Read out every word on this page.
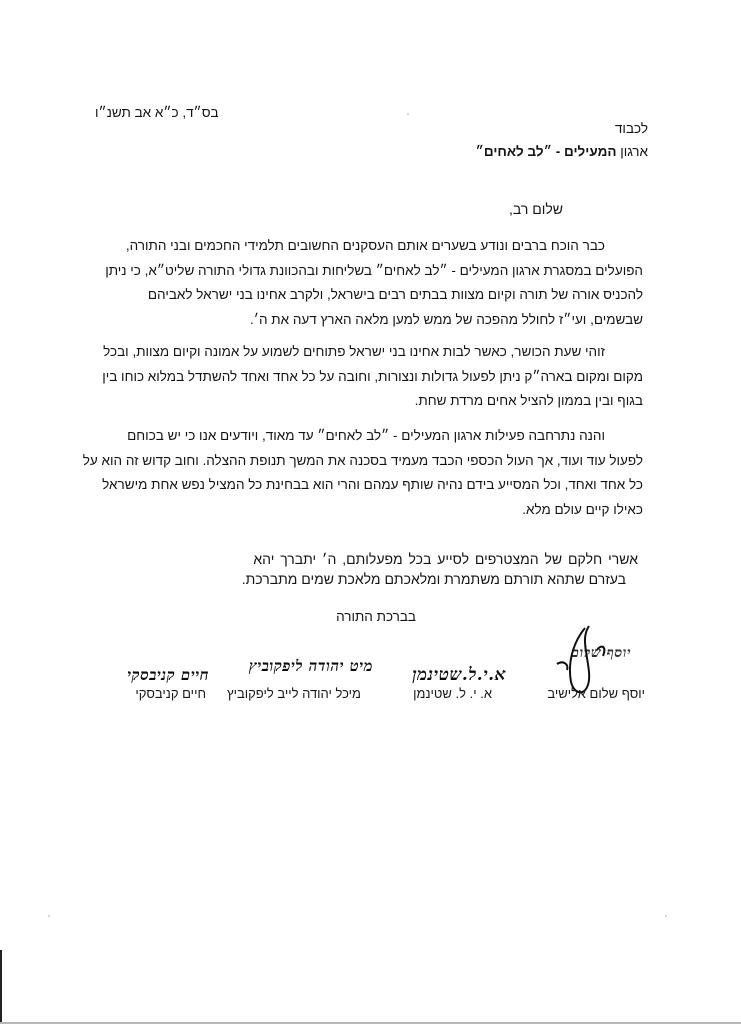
בס״ד, כ״א אב תשנ״ו
לכבוד
ארגון המעילים - ״לב לאחים״
שלום רב,
כבר הוכח ברבים ונודע בשערים אותם העסקנים החשובים תלמידי החכמים ובני התורה,
הפועלים במסגרת ארגון המעילים - ״לב לאחים״ בשליחות ובהכוונת גדולי התורה שליט״א, כי ניתן
להכניס אורה של תורה וקיום מצוות בבתים רבים בישראל, ולקרב אחינו בני ישראל לאביהם
שבשמים, ועי״ז לחולל מהפכה של ממש למען מלאה הארץ דעה את ה׳.
זוהי שעת הכושר, כאשר לבות אחינו בני ישראל פתוחים לשמוע על אמונה וקיום מצוות, ובכל
מקום ומקום בארה״ק ניתן לפעול גדולות ונצורות, וחובה על כל אחד ואחד להשתדל במלוא כוחו בין
בגוף ובין בממון להציל אחים מרדת שחת.
והנה נתרחבה פעילות ארגון המעילים - ״לב לאחים״ עד מאוד, ויודעים אנו כי יש בכוחם
לפעול עוד ועוד, אך העול הכספי הכבד מעמיד בסכנה את המשך תנופת ההצלה. וחוב קדוש זה הוא על
כל אחד ואחד, וכל המסייע בידם נהיה שותף עמהם והרי הוא בבחינת כל המציל נפש אחת מישראל
כאילו קיים עולם מלא.
אשרי חלקם של המצטרפים לסייע בכל מפעלותם, ה׳ יתברך יהא
בעזרם שתהא תורתם משתמרת ומלאכתם מלאכת שמים מתברכת.
בברכת התורה
יוסף שלום
א.י.ל.שטינמן
מיט יהודה ליפקוביץ
חיים קניבסקי
יוסף שלום אלישיב
א. י. ל. שטינמן
מיכל יהודה לייב ליפקוביץ
חיים קניבסקי
